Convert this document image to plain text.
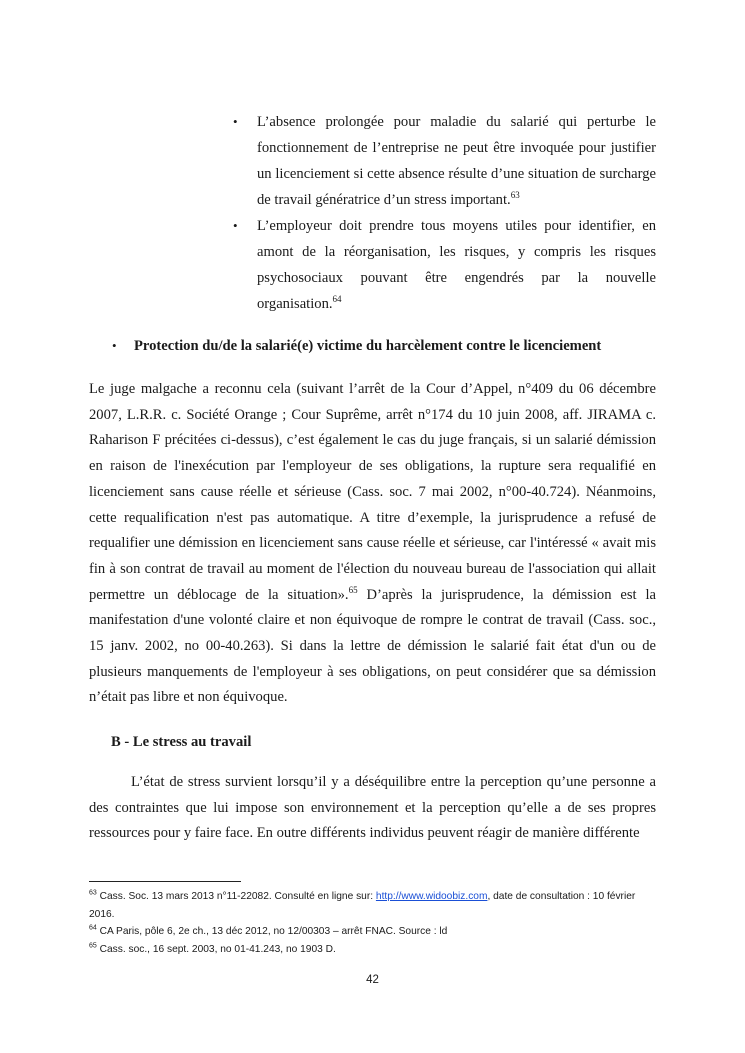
• L’absence prolongée pour maladie du salarié qui perturbe le fonctionnement de l’entreprise ne peut être invoquée pour justifier un licenciement si cette absence résulte d’une situation de surcharge de travail génératrice d’un stress important.$^{63}$
• L’employeur doit prendre tous moyens utiles pour identifier, en amont de la réorganisation, les risques, y compris les risques psychosociaux pouvant être engendrés par la nouvelle organisation.$^{64}$
• Protection du/de la salarié(e) victime du harcèlement contre le licenciement

Le juge malgache a reconnu cela (suivant l’arrêt de la Cour d’Appel, n°409 du 06 décembre 2007, L.R.R. c. Société Orange ; Cour Suprême, arrêt n°174 du 10 juin 2008, aff. JIRAMA c. Raharison F précitées ci-dessus), c’est également le cas du juge français, si un salarié démission en raison de l'inexécution par l'employeur de ses obligations, la rupture sera requalifié en licenciement sans cause réelle et sérieuse (Cass. soc. 7 mai 2002, n°00-40.724). Néanmoins, cette requalification n'est pas automatique. A titre d’exemple, la jurisprudence a refusé de requalifier une démission en licenciement sans cause réelle et sérieuse, car l'intéressé « avait mis fin à son contrat de travail au moment de l'élection du nouveau bureau de l'association qui allait permettre un déblocage de la situation».$^{65}$ D’après la jurisprudence, la démission est la manifestation d'une volonté claire et non équivoque de rompre le contrat de travail (Cass. soc., 15 janv. 2002, no 00-40.263). Si dans la lettre de démission le salarié fait état d'un ou de plusieurs manquements de l'employeur à ses obligations, on peut considérer que sa démission n’était pas libre et non équivoque.

B - Le stress au travail

L’état de stress survient lorsqu’il y a déséquilibre entre la perception qu’une personne a des contraintes que lui impose son environnement et la perception qu’elle a de ses propres ressources pour y faire face. En outre différents individus peuvent réagir de manière différente

$^{63}$ Cass. Soc. 13 mars 2013 n°11-22082. Consulté en ligne sur: http://www.widoobiz.com, date de consultation : 10 février 2016.

$^{64}$ CA Paris, pôle 6, 2e ch., 13 déc 2012, no 12/00303 – arrêt FNAC. Source : ld

$^{65}$ Cass. soc., 16 sept. 2003, no 01-41.243, no 1903 D.

42
